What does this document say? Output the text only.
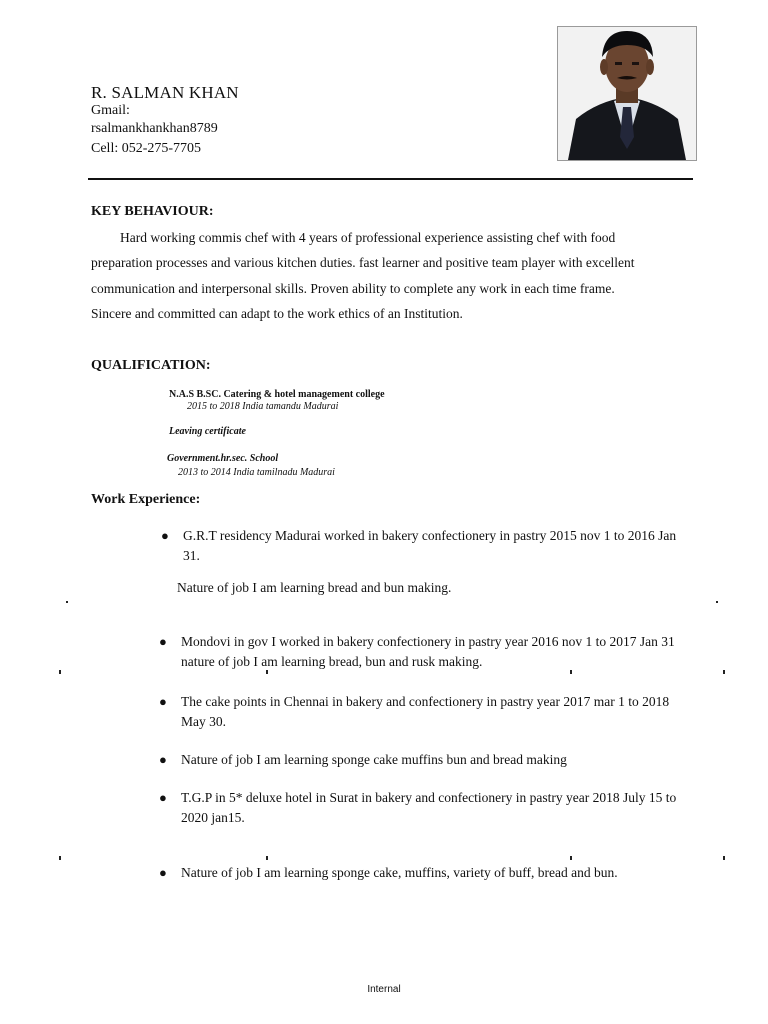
R. SALMAN KHAN
Gmail:
rsalmankhankhan8789
Cell: 052-275-7705
KEY BEHAVIOUR:
Hard working commis chef with 4 years of professional experience assisting chef with food preparation processes and various kitchen duties. fast learner and positive team player with excellent communication and interpersonal skills. Proven ability to complete any work in each time frame. Sincere and committed can adapt to the work ethics of an Institution.
QUALIFICATION:
N.A.S B.SC. Catering & hotel management college
2015 to 2018 India tamandu Madurai
Leaving certificate
Government.hr.sec. School
2013 to 2014 India tamilnadu Madurai
Work Experience:
● G.R.T residency Madurai worked in bakery confectionery in pastry 2015 nov 1 to 2016 Jan 31.
Nature of job I am learning bread and bun making.
● Mondovi in gov I worked in bakery confectionery in pastry year 2016 nov 1 to 2017 Jan 31 nature of job I am learning bread, bun and rusk making.
● The cake points in Chennai in bakery and confectionery in pastry year 2017 mar 1 to 2018 May 30.
● Nature of job I am learning sponge cake muffins bun and bread making
● T.G.P in 5* deluxe hotel in Surat in bakery and confectionery in pastry year 2018 July 15 to 2020 jan15.
● Nature of job I am learning sponge cake, muffins, variety of buff, bread and bun.
Internal
